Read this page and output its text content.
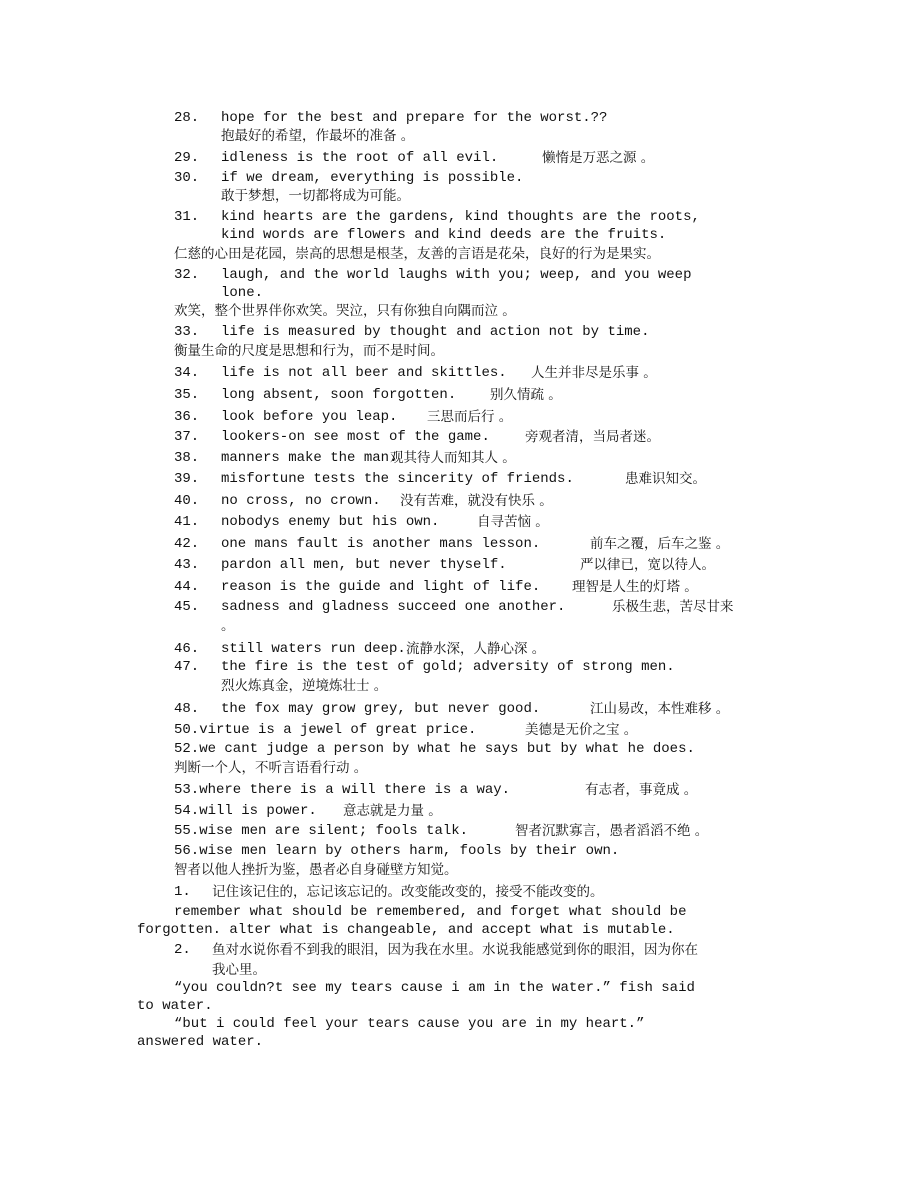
28. hope for the best and prepare for the worst.??
抱最好的希望，作最坏的准备 。
29. idleness is the root of all evil.	懒惰是万恶之源 。
30. if we dream, everything is possible.
敢于梦想，一切都将成为可能。
31. kind hearts are the gardens, kind thoughts are the roots,
kind words are flowers and kind deeds are the fruits.
仁慈的心田是花园，崇高的思想是根茎，友善的言语是花朵，良好的行为是果实。
32. laugh, and the world laughs with you; weep, and you weep
lone.
欢笑，整个世界伴你欢笑。哭泣，只有你独自向隅而泣 。
33. life is measured by thought and action not by time.
衡量生命的尺度是思想和行为，而不是时间。
34. life is not all beer and skittles. 人生并非尽是乐事 。
35. long absent, soon forgotten.	别久情疏 。
36. look before you leap. 三思而后行 。
37. lookers-on see most of the game.	旁观者清，当局者迷。
38. manners make the man.
观其待人而知其人 。
39. misfortune tests the sincerity of friends.	患难识知交。
40. no cross, no crown. 没有苦难，就没有快乐 。
41. nobodys enemy but his own.	自寻苦恼 。
42. one mans fault is another mans lesson.	前车之覆，后车之鉴 。
43. pardon all men, but never thyself.	严以律已，宽以待人。
44. reason is the guide and light of life. 理智是人生的灯塔 。
45. sadness and gladness succeed one another.	乐极生悲，苦尽甘来
。
46. still waters run deep. 流静水深，人静心深 。
47. the fire is the test of gold; adversity of strong men.
烈火炼真金，逆境炼壮士 。
48. the fox may grow grey, but never good.	江山易改，本性难移 。
50.virtue is a jewel of great price.	美德是无价之宝 。
52.we cant judge a person by what he says but by what he does.
判断一个人，不听言语看行动 。
53.where there is a will there is a way.	有志者，事竟成 。
54.will is power. 意志就是力量 。
55.wise men are silent; fools talk.	智者沉默寡言，愚者滔滔不绝 。
56.wise men learn by others harm, fools by their own.
智者以他人挫折为鉴，愚者必自身碰壁方知觉。
1. 记住该记住的，忘记该忘记的。改变能改变的，接受不能改变的。
remember what should be remembered, and forget what should be
forgotten. alter what is changeable, and accept what is mutable.
2. 鱼对水说你看不到我的眼泪，因为我在水里。水说我能感觉到你的眼泪，因为你在
我心里。
“you couldn?t see my tears cause i am in the water.” fish said
to water.
“but i could feel your tears cause you are in my heart.”
answered water.
